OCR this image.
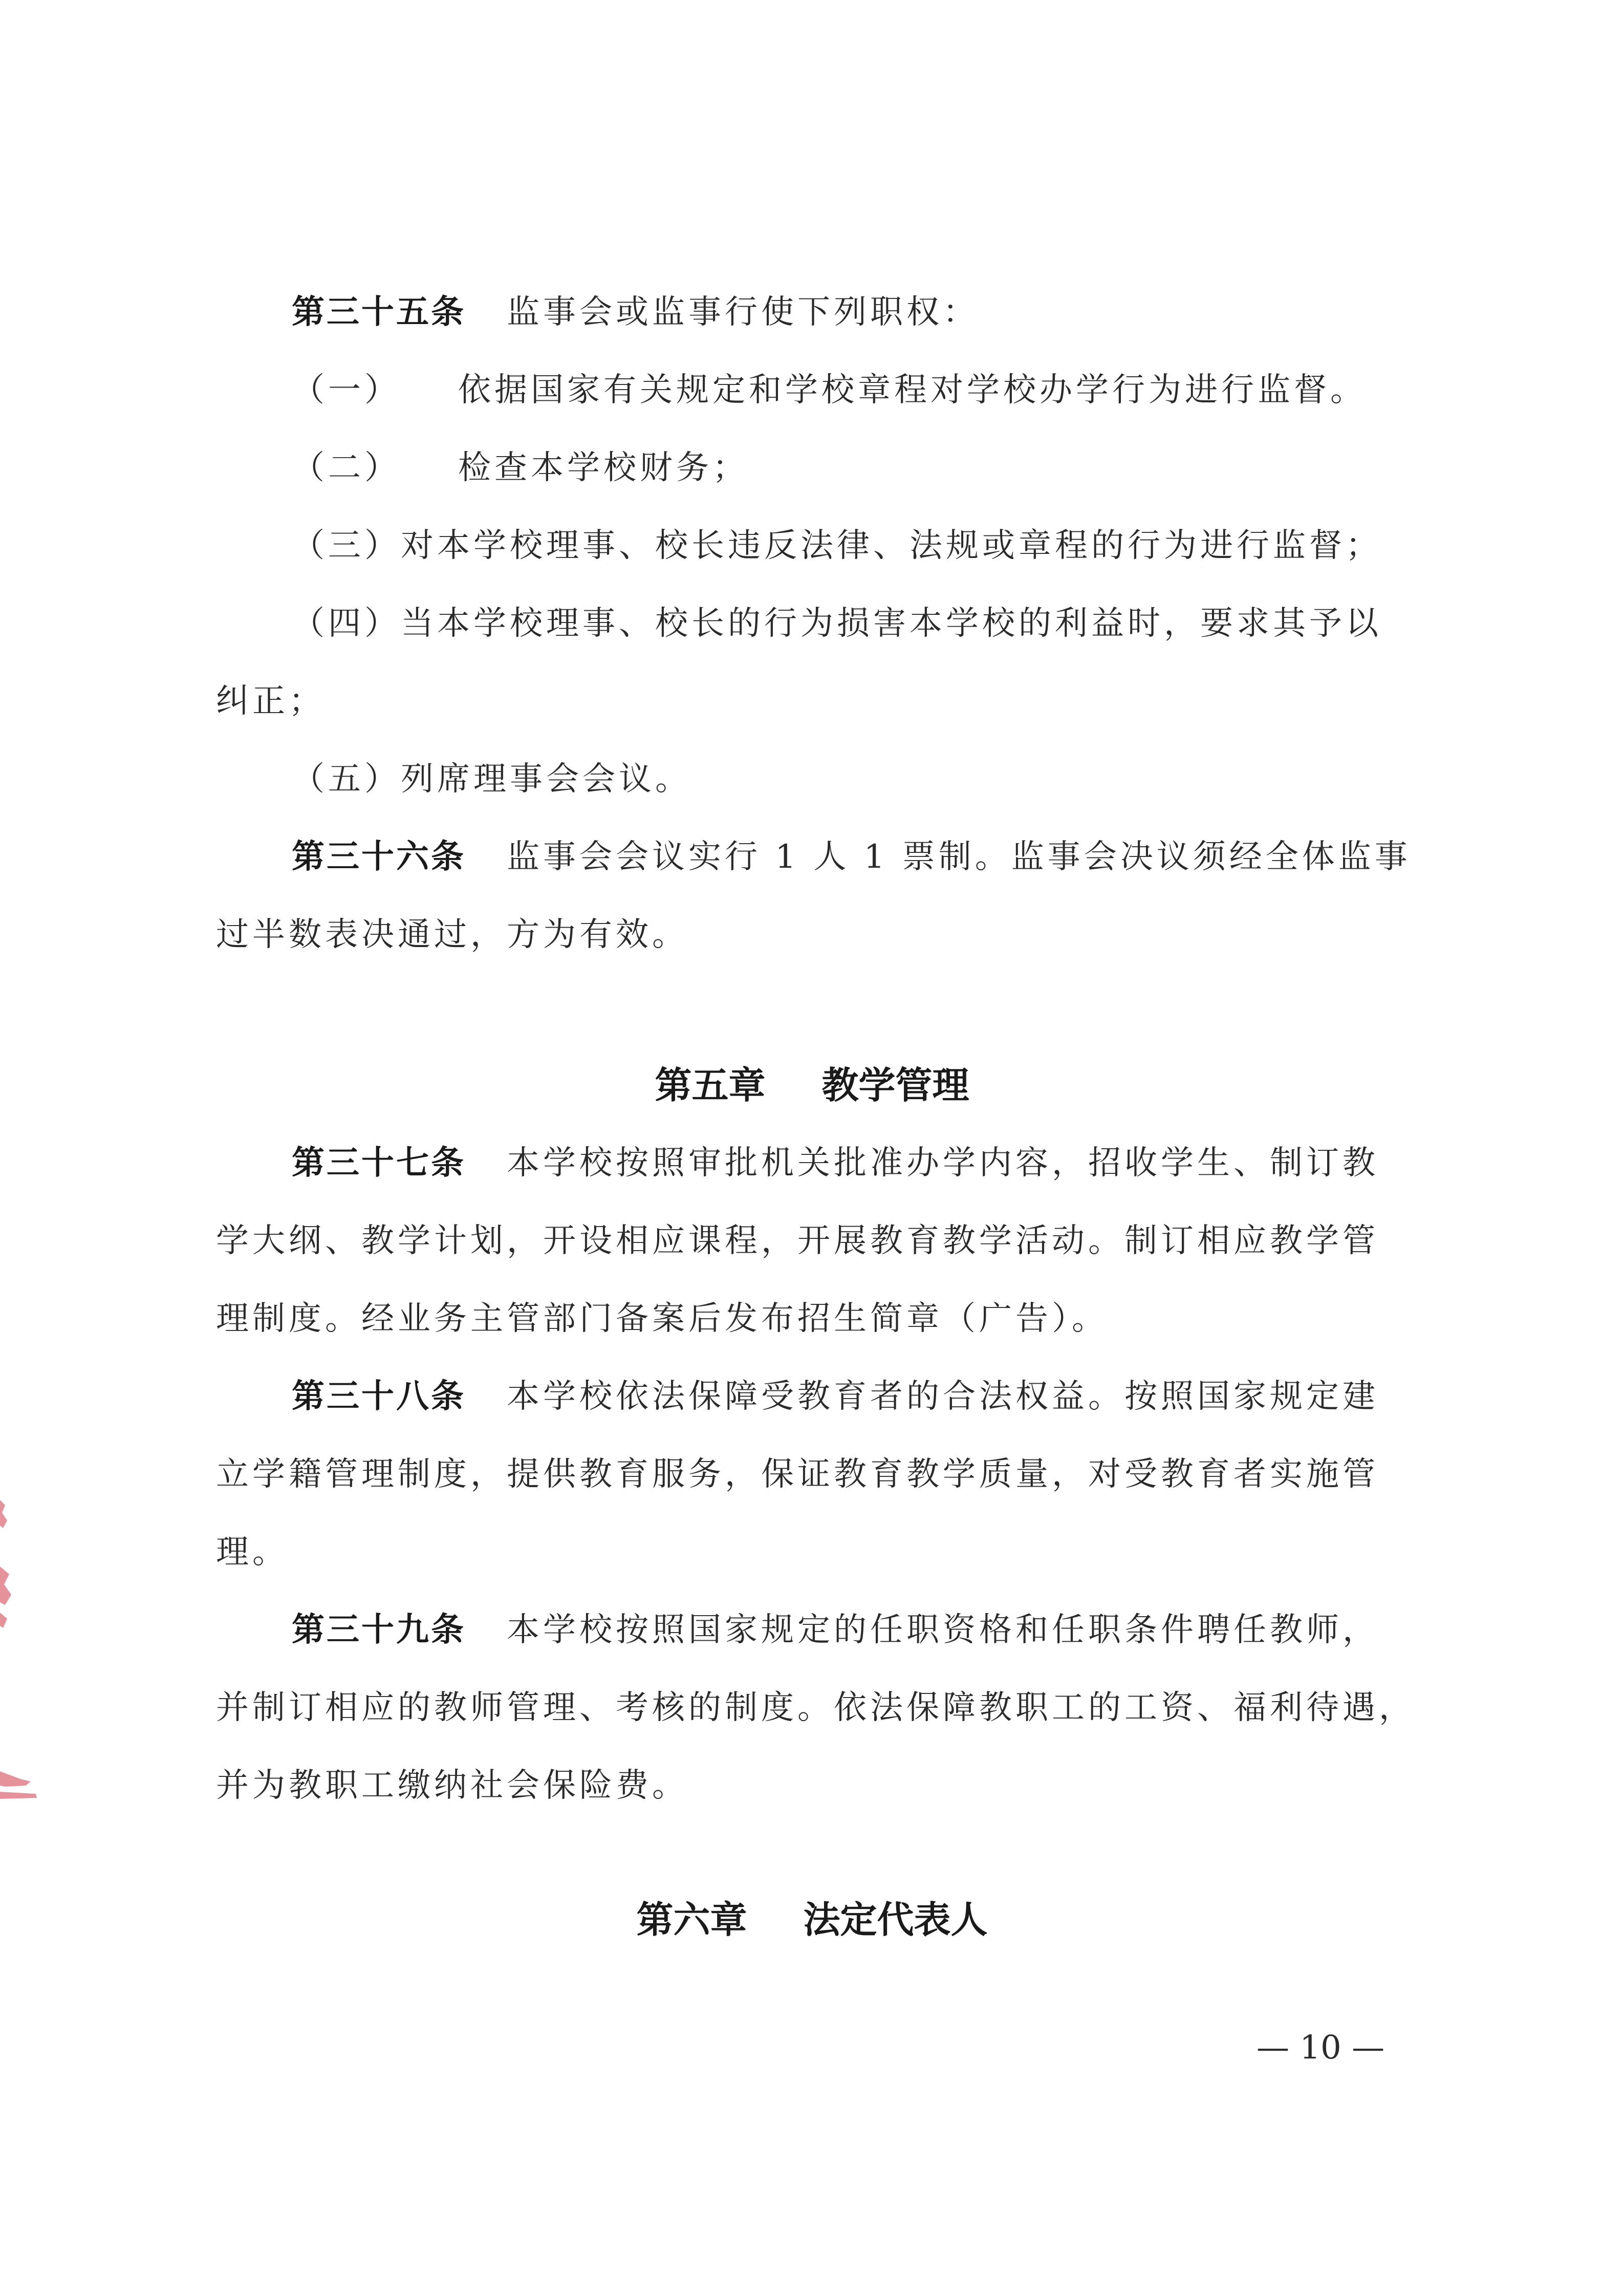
第三十五条 监事会或监事行使下列职权：
（一） 依据国家有关规定和学校章程对学校办学行为进行监督。
（二） 检查本学校财务；
（三）对本学校理事、校长违反法律、法规或章程的行为进行监督；
（四）当本学校理事、校长的行为损害本学校的利益时，要求其予以
纠正；
（五）列席理事会会议。
第三十六条 监事会会议实行 1 人 1 票制。监事会决议须经全体监事
过半数表决通过，方为有效。
第五章 教学管理
第三十七条 本学校按照审批机关批准办学内容，招收学生、制订教
学大纲、教学计划，开设相应课程，开展教育教学活动。制订相应教学管
理制度。经业务主管部门备案后发布招生简章（广告）。
第三十八条 本学校依法保障受教育者的合法权益。按照国家规定建
立学籍管理制度，提供教育服务，保证教育教学质量，对受教育者实施管
理。
第三十九条 本学校按照国家规定的任职资格和任职条件聘任教师，
并制订相应的教师管理、考核的制度。依法保障教职工的工资、福利待遇，
并为教职工缴纳社会保险费。
第六章 法定代表人
— 10 —
